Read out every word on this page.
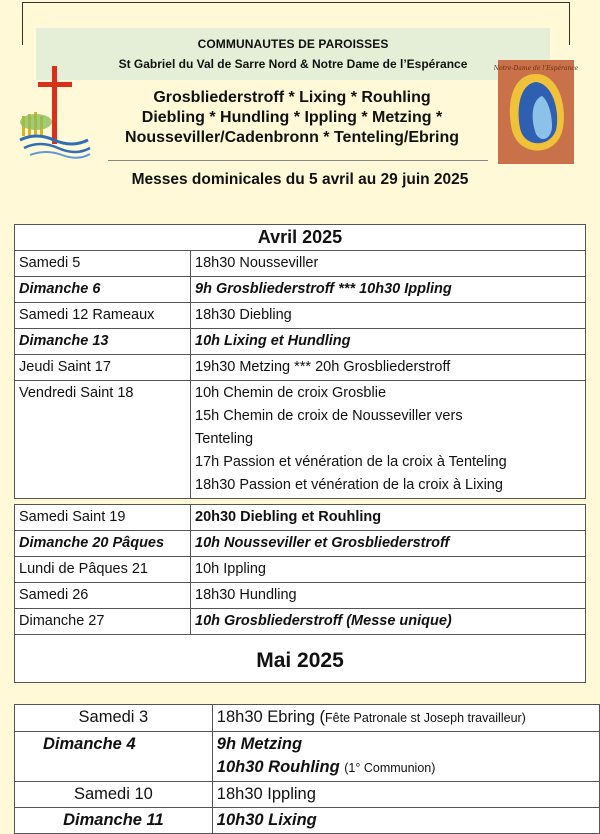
COMMUNAUTES DE PAROISSES
St Gabriel du Val de Sarre Nord & Notre Dame de l’Espérance	Notre-Dame de l’Espérance
Grosbliederstroff * Lixing * Rouhling
Diebling * Hundling * Ippling * Metzing *
Nousseviller/Cadenbronn * Tenteling/Ebring
Messes dominicales du 5 avril au 29 juin 2025
Avril 2025	
Samedi 5	18h30 Nousseviller
Dimanche 6	9h Grosbliederstroff *** 10h30 Ippling
Samedi 12 Rameaux	18h30 Diebling
Dimanche 13	10h Lixing et Hundling
Jeudi Saint 17	19h30 Metzing *** 20h Grosbliederstroff
Vendredi Saint 18	10h Chemin de croix Grosblie
15h Chemin de croix de Nousseviller vers
Tenteling
17h Passion et vénération de la croix à Tenteling
18h30 Passion et vénération de la croix à Lixing
Samedi Saint 19	20h30 Diebling et Rouhling
Dimanche 20 Pâques	10h Nousseviller et Grosbliederstroff
Lundi de Pâques 21	10h Ippling
Samedi 26	18h30 Hundling
Dimanche 27	10h Grosbliederstroff (Messe unique)
Mai 2025	
Samedi 3	18h30 Ebring (Fête Patronale st Joseph travailleur)
Dimanche 4	9h Metzing
10h30 Rouhling (1° Communion)

Samedi 10	18h30 Ippling
Dimanche 11	10h30 Lixing
